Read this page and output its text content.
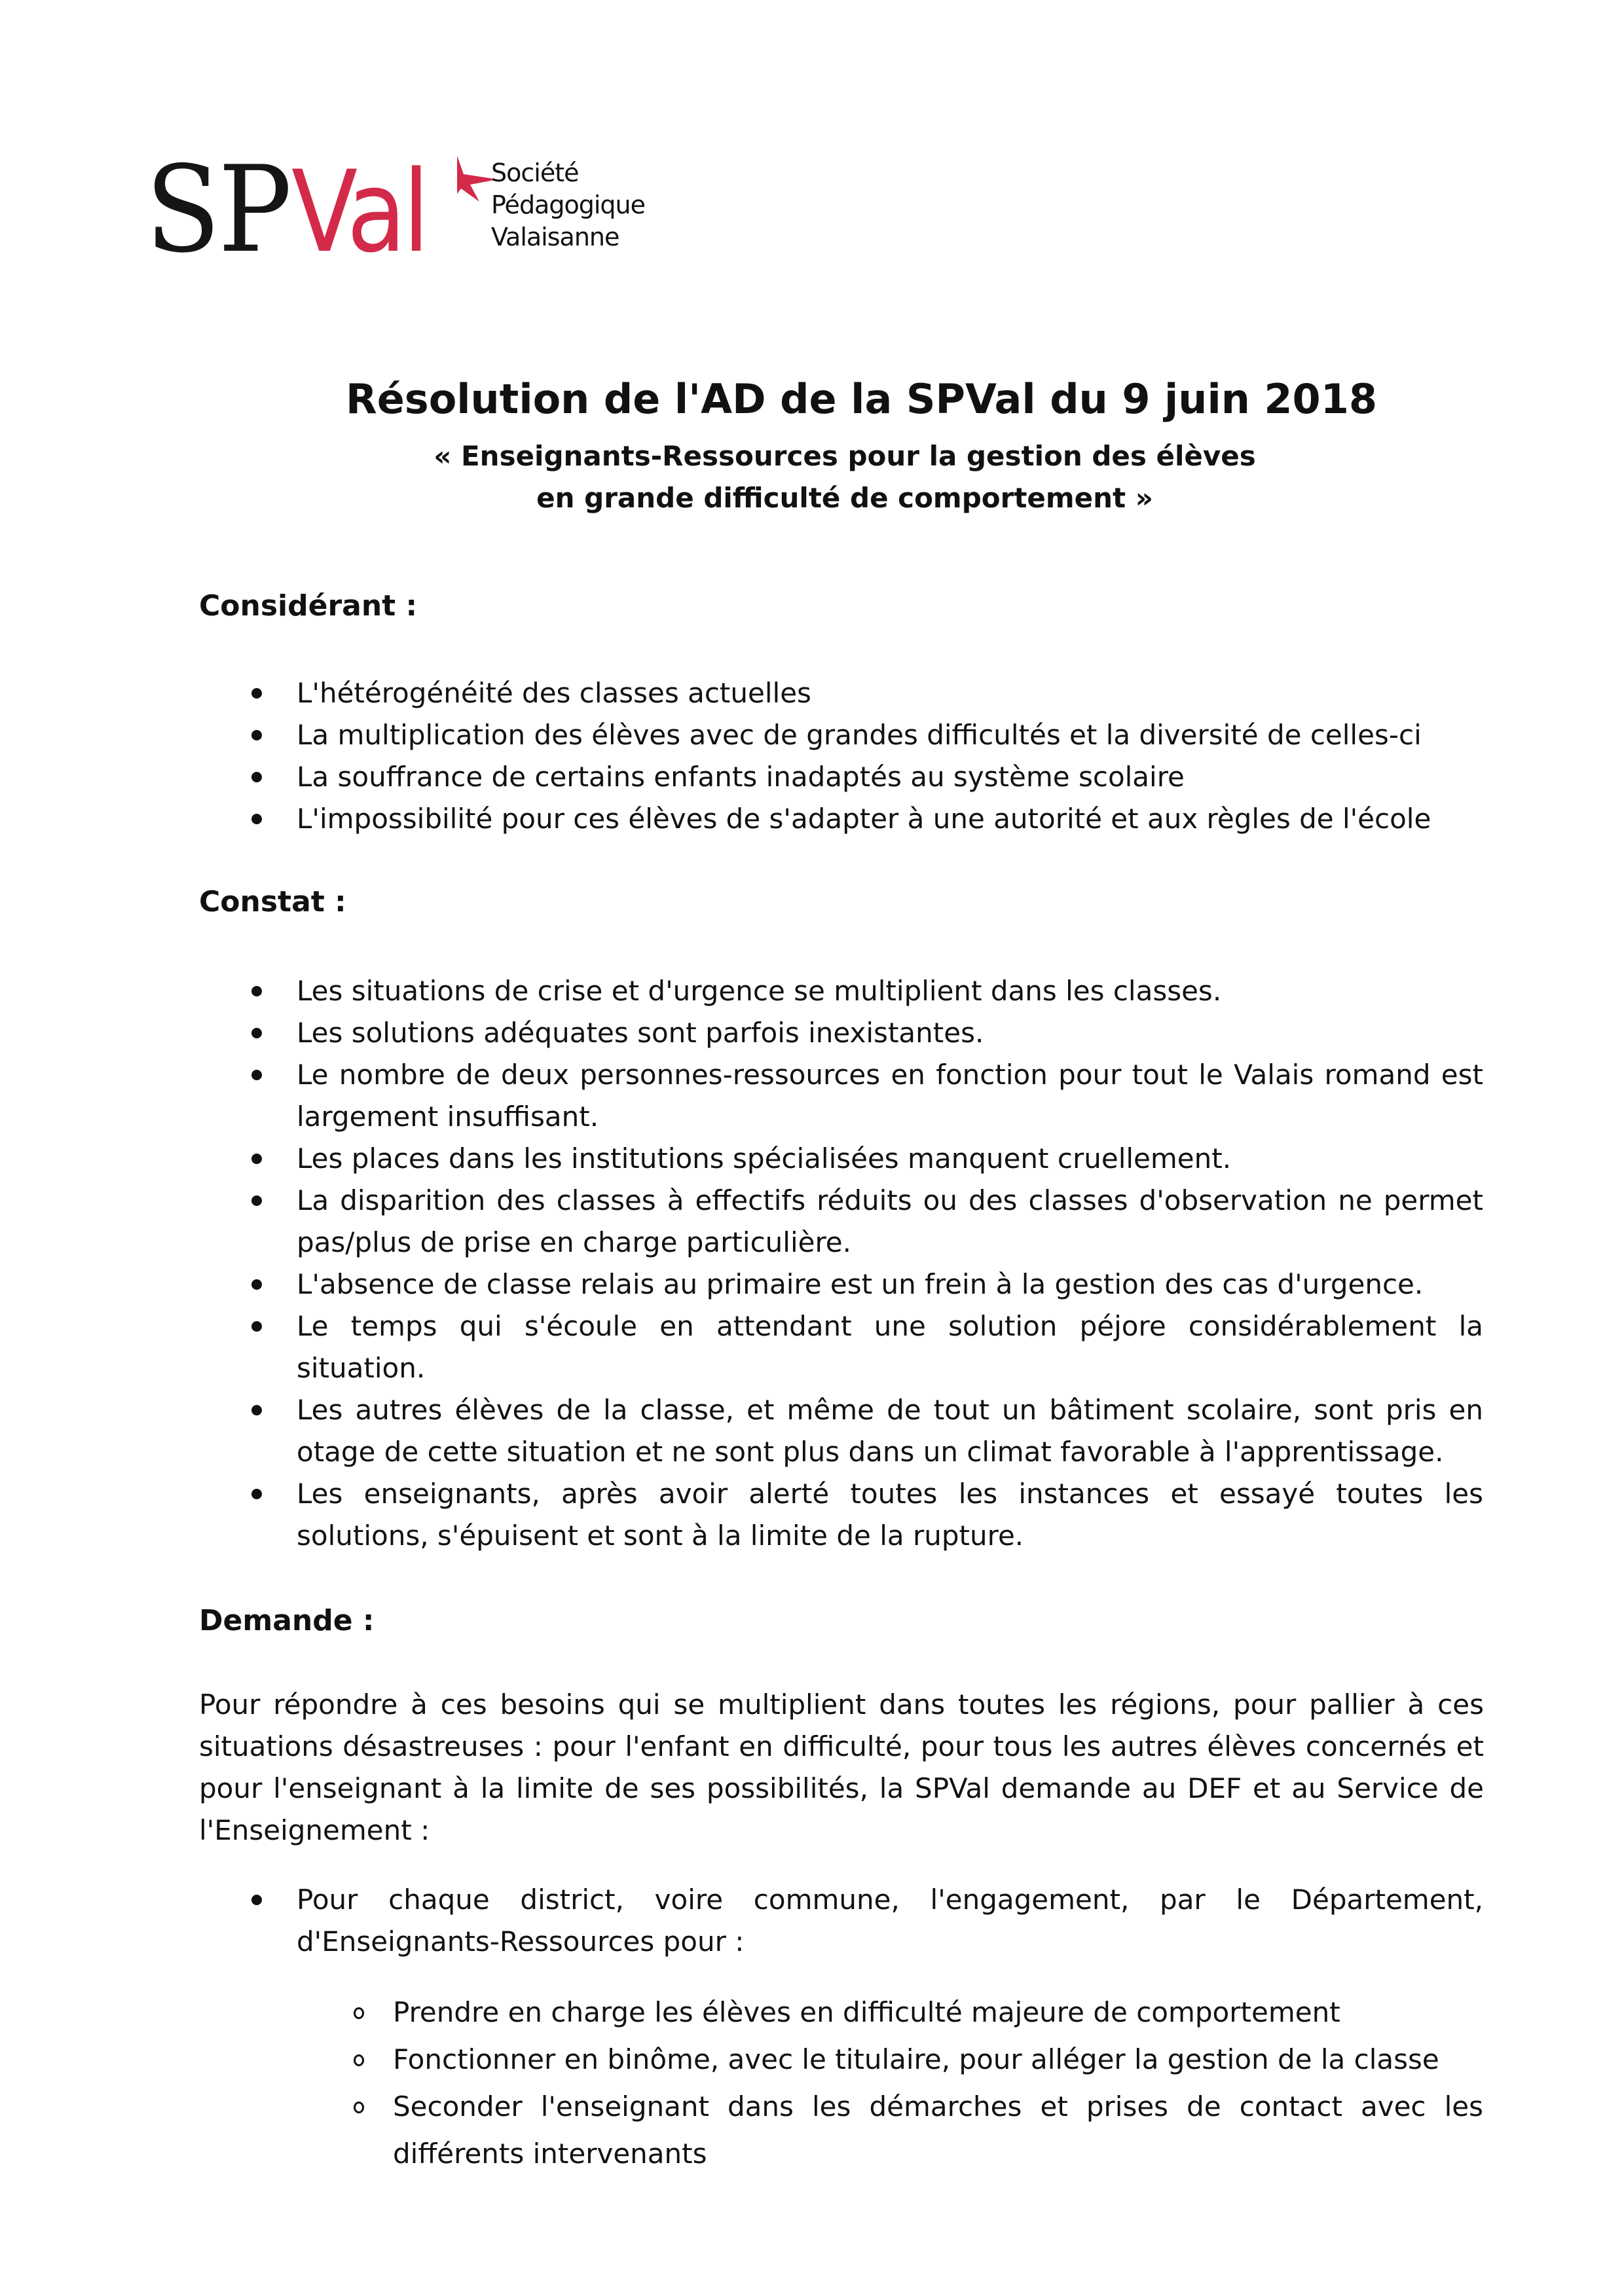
SP Val	Société
Pédagogique
Valaisanne
Résolution de l'AD de la SPVal du 9 juin 2018
« Enseignants-Ressources pour la gestion des élèves
en grande difficulté de comportement »
Considérant :
L'hétérogénéité des classes actuelles
La multiplication des élèves avec de grandes difficultés et la diversité de celles-ci
La souffrance de certains enfants inadaptés au système scolaire
L'impossibilité pour ces élèves de s'adapter à une autorité et aux règles de l'école
Constat :
Les situations de crise et d'urgence se multiplient dans les classes.
Les solutions adéquates sont parfois inexistantes.
Le nombre de deux personnes-ressources en fonction pour tout le Valais romand est largement insuffisant.
Les places dans les institutions spécialisées manquent cruellement.
La disparition des classes à effectifs réduits ou des classes d'observation ne permet pas/plus de prise en charge particulière.
L'absence de classe relais au primaire est un frein à la gestion des cas d'urgence.
Le temps qui s'écoule en attendant une solution péjore considérablement la situation.
Les autres élèves de la classe, et même de tout un bâtiment scolaire, sont pris en otage de cette situation et ne sont plus dans un climat favorable à l'apprentissage.
Les enseignants, après avoir alerté toutes les instances et essayé toutes les solutions, s'épuisent et sont à la limite de la rupture.
Demande :

Pour répondre à ces besoins qui se multiplient dans toutes les régions, pour pallier à ces situations désastreuses : pour l'enfant en difficulté, pour tous les autres élèves concernés et pour l'enseignant à la limite de ses possibilités, la SPVal demande au DEF et au Service de l'Enseignement :

Pour chaque district, voire commune, l'engagement, par le Département, d'Enseignants-Ressources pour :
Prendre en charge les élèves en difficulté majeure de comportement
Fonctionner en binôme, avec le titulaire, pour alléger la gestion de la classe
Seconder l'enseignant dans les démarches et prises de contact avec les différents intervenants
